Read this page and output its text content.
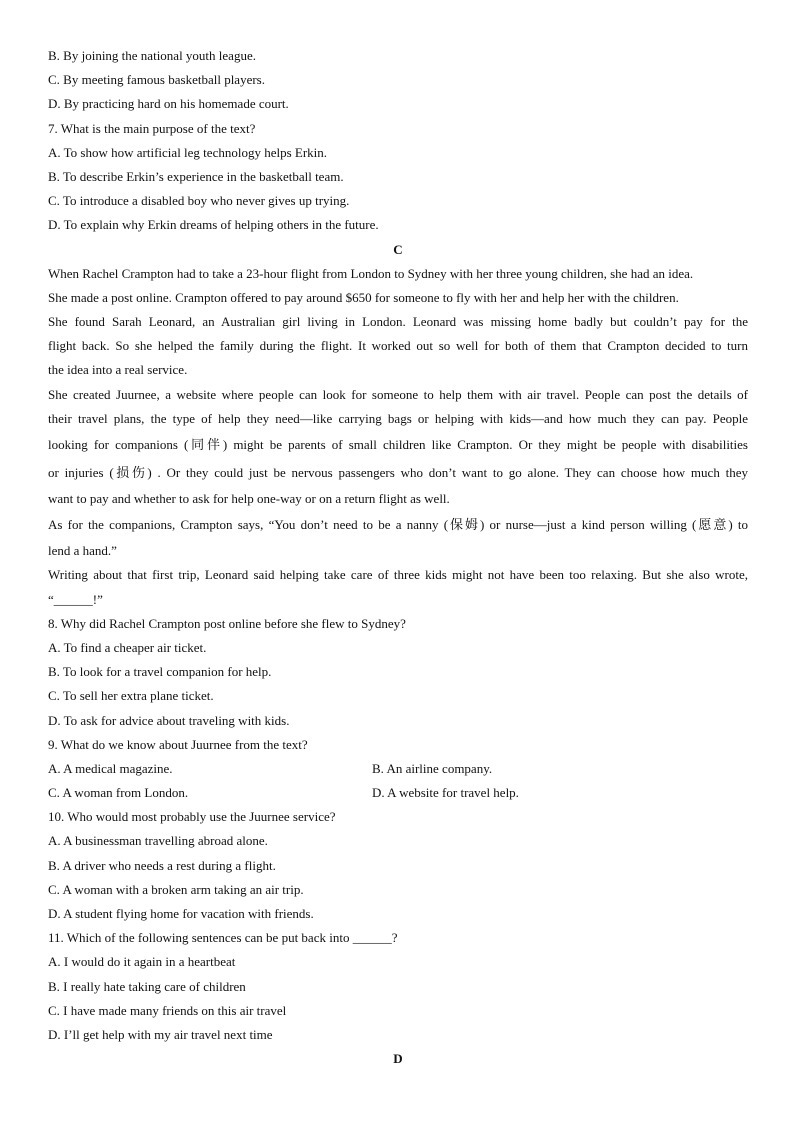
B. By joining the national youth league.
C. By meeting famous basketball players.
D. By practicing hard on his homemade court.
7. What is the main purpose of the text?
A. To show how artificial leg technology helps Erkin.
B. To describe Erkin’s experience in the basketball team.
C. To introduce a disabled boy who never gives up trying.
D. To explain why Erkin dreams of helping others in the future.
C
When Rachel Crampton had to take a 23-hour flight from London to Sydney with her three young children, she had an idea.
She made a post online. Crampton offered to pay around $650 for someone to fly with her and help her with the children.
She found Sarah Leonard, an Australian girl living in London. Leonard was missing home badly but couldn’t pay for the
flight back. So she helped the family during the flight. It worked out so well for both of them that Crampton decided to turn
the idea into a real service.
She created Juurnee, a website where people can look for someone to help them with air travel. People can post the details of
their travel plans, the type of help they need—like carrying bags or helping with kids—and how much they can pay. People
looking for companions (同伴) might be parents of small children like Crampton. Or they might be people with disabilities
or injuries (损伤) . Or they could just be nervous passengers who don’t want to go alone. They can choose how much they
want to pay and whether to ask for help one-way or on a return flight as well.
As for the companions, Crampton says, “You don’t need to be a nanny (保姆) or nurse—just a kind person willing (愿意) to
lend a hand.”
Writing about that first trip, Leonard said helping take care of three kids might not have been too relaxing. But she also wrote,
“______!”
8. Why did Rachel Crampton post online before she flew to Sydney?
A. To find a cheaper air ticket.
B. To look for a travel companion for help.
C. To sell her extra plane ticket.
D. To ask for advice about traveling with kids.
9. What do we know about Juurnee from the text?
A. A medical magazine.	B. An airline company.
C. A woman from London.	D. A website for travel help.
10. Who would most probably use the Juurnee service?
A. A businessman travelling abroad alone.
B. A driver who needs a rest during a flight.
C. A woman with a broken arm taking an air trip.
D. A student flying home for vacation with friends.
11. Which of the following sentences can be put back into ______?
A. I would do it again in a heartbeat
B. I really hate taking care of children
C. I have made many friends on this air travel
D. I’ll get help with my air travel next time
D
